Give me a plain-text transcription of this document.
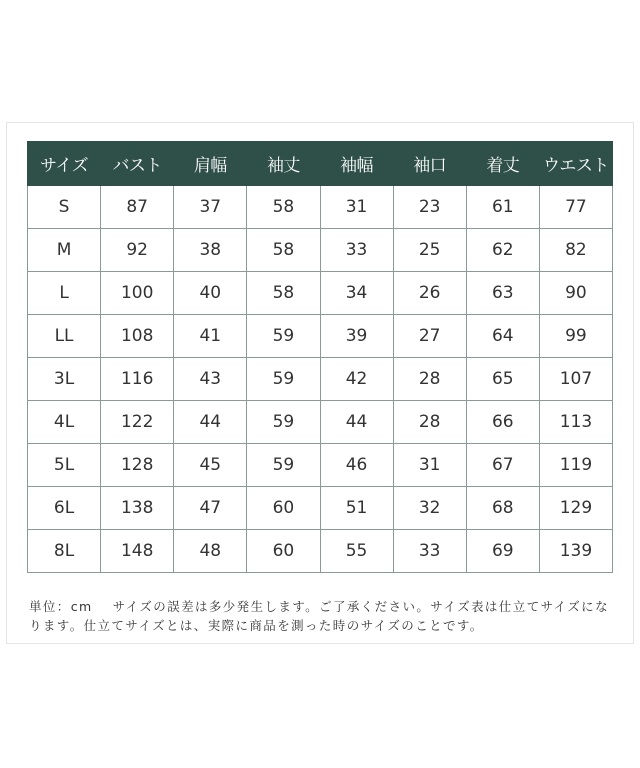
サイズ	バスト	肩幅	袖丈	袖幅	袖口	着丈	ウエスト
S	87	37	58	31	23	61	77
M	92	38	58	33	25	62	82
L	100	40	58	34	26	63	90
LL	108	41	59	39	27	64	99
3L	116	43	59	42	28	65	107
4L	122	44	59	44	28	66	113
5L	128	45	59	46	31	67	119
6L	138	47	60	51	32	68	129
8L	148	48	60	55	33	69	139
単位：cm サイズの誤差は多少発生します。ご了承ください。サイズ表は仕立てサイズになります。仕立てサイズとは、実際に商品を測った時のサイズのことです。
